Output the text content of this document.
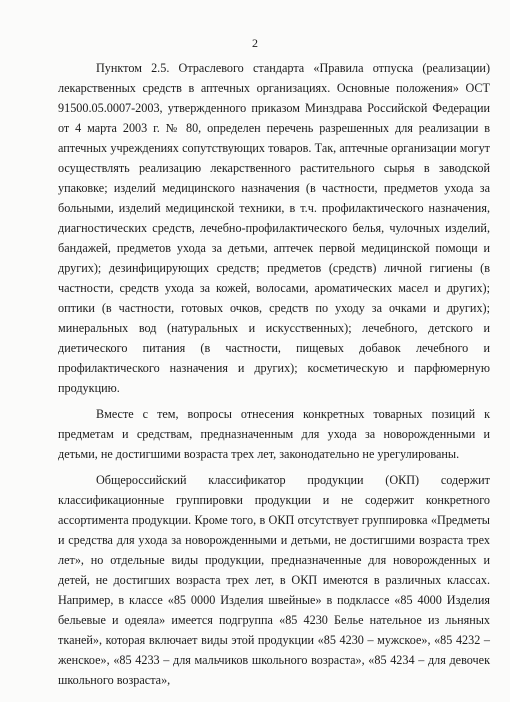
2

Пунктом 2.5. Отраслевого стандарта «Правила отпуска (реализации) лекарственных средств в аптечных организациях. Основные положения» ОСТ 91500.05.0007-2003, утвержденного приказом Минздрава Российской Федерации от 4 марта 2003 г. № 80, определен перечень разрешенных для реализации в аптечных учреждениях сопутствующих товаров. Так, аптечные организации могут осуществлять реализацию лекарственного растительного сырья в заводской упаковке; изделий медицинского назначения (в частности, предметов ухода за больными, изделий медицинской техники, в т.ч. профилактического назначения, диагностических средств, лечебно-профилактического белья, чулочных изделий, бандажей, предметов ухода за детьми, аптечек первой медицинской помощи и других); дезинфицирующих средств; предметов (средств) личной гигиены (в частности, средств ухода за кожей, волосами, ароматических масел и других); оптики (в частности, готовых очков, средств по уходу за очками и других); минеральных вод (натуральных и искусственных); лечебного, детского и диетического питания (в частности, пищевых добавок лечебного и профилактического назначения и других); косметическую и парфюмерную продукцию.

Вместе с тем, вопросы отнесения конкретных товарных позиций к предметам и средствам, предназначенным для ухода за новорожденными и детьми, не достигшими возраста трех лет, законодательно не урегулированы.

Общероссийский классификатор продукции (ОКП) содержит классификационные группировки продукции и не содержит конкретного ассортимента продукции. Кроме того, в ОКП отсутствует группировка «Предметы и средства для ухода за новорожденными и детьми, не достигшими возраста трех лет», но отдельные виды продукции, предназначенные для новорожденных и детей, не достигших возраста трех лет, в ОКП имеются в различных классах. Например, в классе «85 0000 Изделия швейные» в подклассе «85 4000 Изделия бельевые и одеяла» имеется подгруппа «85 4230 Белье нательное из льняных тканей», которая включает виды этой продукции «85 4230 – мужское», «85 4232 – женское», «85 4233 – для мальчиков школьного возраста», «85 4234 – для девочек школьного возраста»,
